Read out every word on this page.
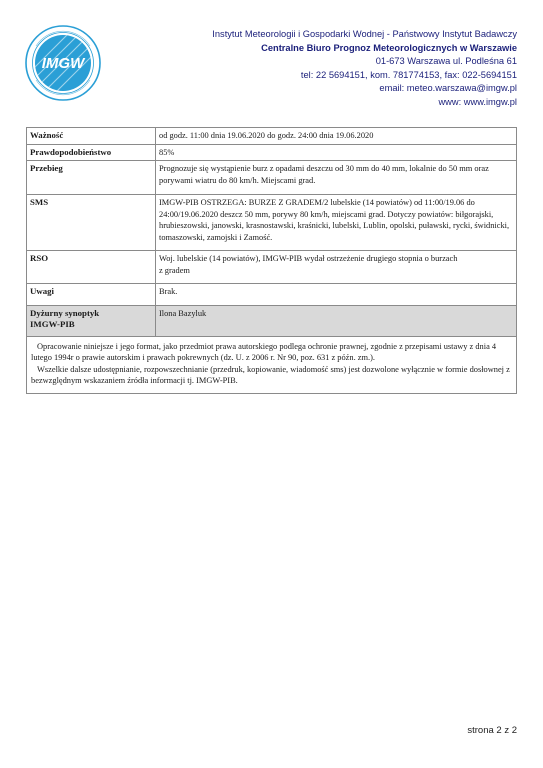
IMGW
Instytut Meteorologii i Gospodarki Wodnej - Państwowy Instytut Badawczy
Centralne Biuro Prognoz Meteorologicznych w Warszawie
01-673 Warszawa ul. Podleśna 61
tel: 22 5694151, kom. 781774153, fax: 022-5694151
email: meteo.warszawa@imgw.pl
www: www.imgw.pl
Ważność	od godz. 11:00 dnia 19.06.2020 do godz. 24:00 dnia 19.06.2020
Prawdopodobieństwo	85%
Przebieg	Prognozuje się wystąpienie burz z opadami deszczu od 30 mm do 40 mm, lokalnie do 50 mm oraz porywami wiatru do 80 km/h. Miejscami grad.
SMS	IMGW-PIB OSTRZEGA: BURZE Z GRADEM/2 lubelskie (14 powiatów) od 11:00/19.06 do 24:00/19.06.2020 deszcz 50 mm, porywy 80 km/h, miejscami grad. Dotyczy powiatów: biłgorajski, hrubieszowski, janowski, krasnostawski, kraśnicki, lubelski, Lublin, opolski, puławski, rycki, świdnicki, tomaszowski, zamojski i Zamość.
RSO	Woj. lubelskie (14 powiatów), IMGW-PIB wydał ostrzeżenie drugiego stopnia o burzach
z gradem

Uwagi	Brak.

Dyżurny synoptyk
IMGW-PIB	Ilona Bazyluk

Opracowanie niniejsze i jego format, jako przedmiot prawa autorskiego podlega ochronie prawnej, zgodnie z przepisami ustawy z dnia 4 lutego 1994r o prawie autorskim i prawach pokrewnych (dz. U. z 2006 r. Nr 90, poz. 631 z późn. zm.).

Wszelkie dalsze udostępnianie, rozpowszechnianie (przedruk, kopiowanie, wiadomość sms) jest dozwolone wyłącznie w formie dosłownej z bezwzględnym wskazaniem źródła informacji tj. IMGW-PIB.	

strona 2 z 2
